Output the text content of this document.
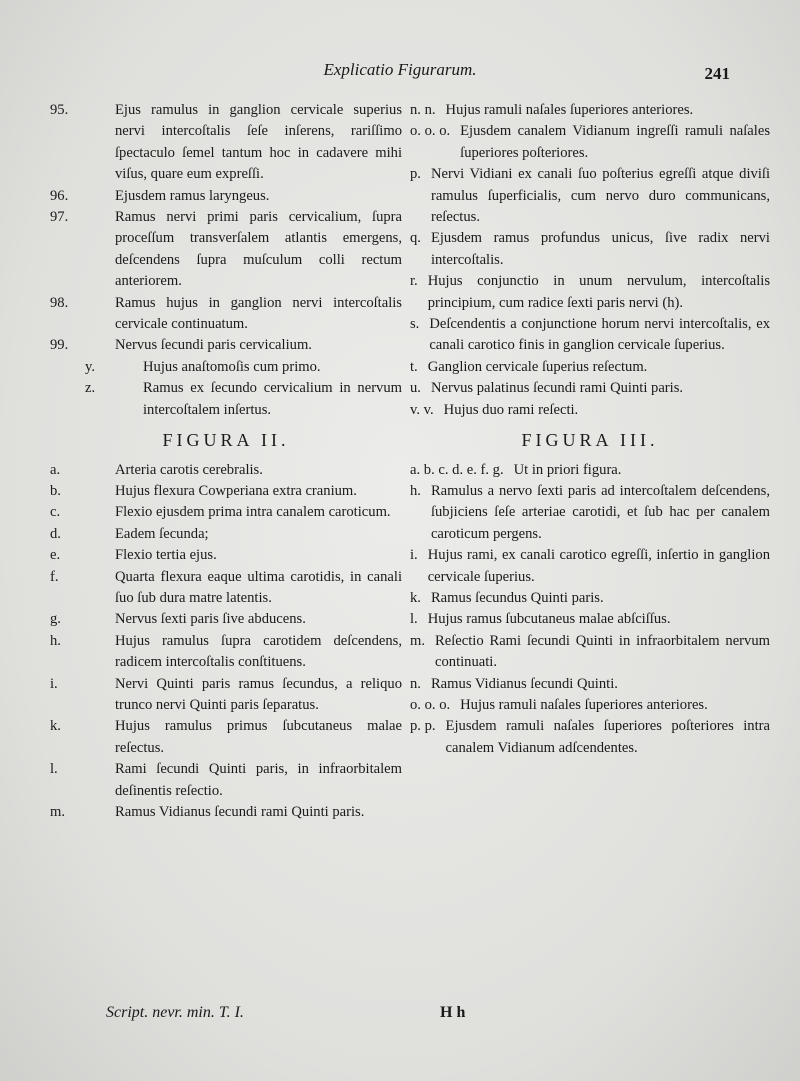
Explicatio Figurarum.	241
95.	Ejus ramulus in ganglion cervicale superius nervi intercoſtalis ſeſe inſerens, rariſſimo ſpectaculo ſemel tantum hoc in cadavere mihi viſus, quare eum expreſſi.
96.	Ejusdem ramus laryngeus.
97.	Ramus nervi primi paris cervicalium, ſupra proceſſum transverſalem atlantis emergens, deſcendens ſupra muſculum colli rectum anteriorem.
98.	Ramus hujus in ganglion nervi intercoſtalis cervicale continuatum.
99.	Nervus ſecundi paris cervicalium.
y.	Hujus anaſtomoſis cum primo.
z.	Ramus ex ſecundo cervicalium in nervum intercoſtalem inſertus.
FIGURA II.
a.	Arteria carotis cerebralis.
b.	Hujus flexura Cowperiana extra cranium.
c.	Flexio ejusdem prima intra canalem caroticum.
d.	Eadem ſecunda;
e.	Flexio tertia ejus.
f.	Quarta flexura eaque ultima carotidis, in canali ſuo ſub dura matre latentis.
g.	Nervus ſexti paris ſive abducens.
h.	Hujus ramulus ſupra carotidem deſcendens, radicem intercoſtalis conſtituens.
i.	Nervi Quinti paris ramus ſecundus, a reliquo trunco nervi Quinti paris ſeparatus.
k.	Hujus ramulus primus ſubcutaneus malae reſectus.
l.	Rami ſecundi Quinti paris, in infraorbitalem deſinentis reſectio.
m.	Ramus Vidianus ſecundi rami Quinti paris.
n. n. Hujus ramuli naſales ſuperiores anteriores.
o. o. o. Ejusdem canalem Vidianum ingreſſi ramuli naſales ſuperiores poſteriores.
p. Nervi Vidiani ex canali ſuo poſterius egreſſi atque diviſi ramulus ſuperficialis, cum nervo duro communicans, reſectus.
q. Ejusdem ramus profundus unicus, ſive radix nervi intercoſtalis.
r. Hujus conjunctio in unum nervulum, intercoſtalis principium, cum radice ſexti paris nervi (h).
s. Deſcendentis a conjunctione horum nervi intercoſtalis, ex canali carotico finis in ganglion cervicale ſuperius.
t. Ganglion cervicale ſuperius reſectum.
u. Nervus palatinus ſecundi rami Quinti paris.
v. v. Hujus duo rami reſecti.
FIGURA III.
a. b. c. d. e. f. g. Ut in priori figura.
h. Ramulus a nervo ſexti paris ad intercoſtalem deſcendens, ſubjiciens ſeſe arteriae carotidi, et ſub hac per canalem caroticum pergens.
i. Hujus rami, ex canali carotico egreſſi, inſertio in ganglion cervicale ſuperius.
k. Ramus ſecundus Quinti paris.
l. Hujus ramus ſubcutaneus malae abſciſſus.
m. Reſectio Rami ſecundi Quinti in infraorbitalem nervum continuati.
n. Ramus Vidianus ſecundi Quinti.
o. o. o. Hujus ramuli naſales ſuperiores anteriores.
p. p. Ejusdem ramuli naſales ſuperiores poſteriores intra canalem Vidianum adſcendentes.
Script. nevr. min. T. I.	H h
